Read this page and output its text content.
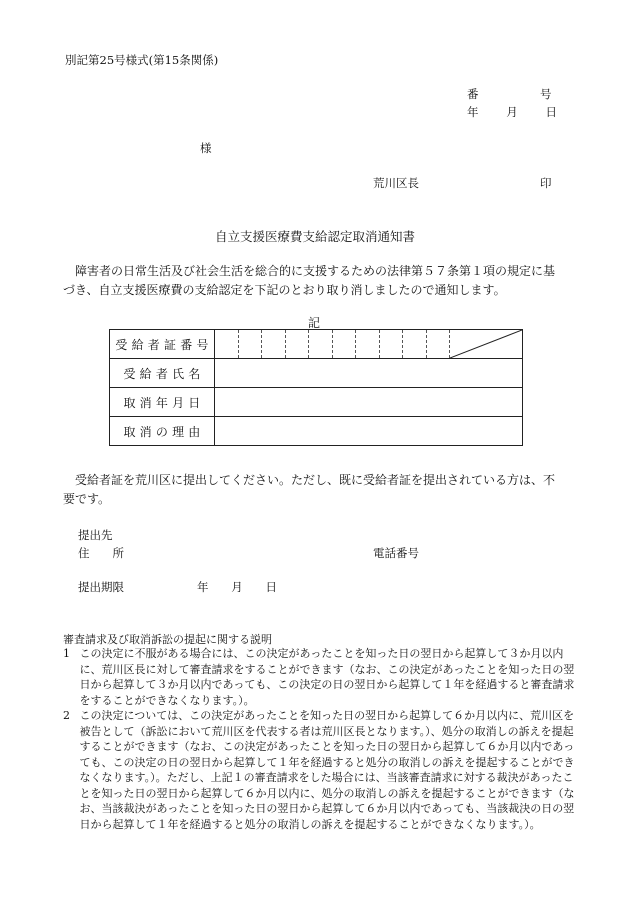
別記第25号様式(第15条関係)
番	号
年 月 日
様
荒川区長	印
自立支援医療費支給認定取消通知書
障害者の日常生活及び社会生活を総合的に支援するための法律第５７条第１項の規定に基づき、自立支援医療費の支給認定を下記のとおり取り消しましたので通知します。
記
受給者証番号	

受給者氏名	
取消年月日	
取消の理由	
受給者証を荒川区に提出してください。ただし、既に受給者証を提出されている方は、不要です。
提出先
住　　所	電話番号
提出期限	年 月 日
審査請求及び取消訴訟の提起に関する説明
1 この決定に不服がある場合には、この決定があったことを知った日の翌日から起算して３か月以内に、荒川区長に対して審査請求をすることができます（なお、この決定があったことを知った日の翌日から起算して３か月以内であっても、この決定の日の翌日から起算して１年を経過すると審査請求をすることができなくなります。）。
2 この決定については、この決定があったことを知った日の翌日から起算して６か月以内に、荒川区を被告として（訴訟において荒川区を代表する者は荒川区長となります。）、処分の取消しの訴えを提起することができます（なお、この決定があったことを知った日の翌日から起算して６か月以内であっても、この決定の日の翌日から起算して１年を経過すると処分の取消しの訴えを提起することができなくなります。）。ただし、上記１の審査請求をした場合には、当該審査請求に対する裁決があったことを知った日の翌日から起算して６か月以内に、処分の取消しの訴えを提起することができます（なお、当該裁決があったことを知った日の翌日から起算して６か月以内であっても、当該裁決の日の翌日から起算して１年を経過すると処分の取消しの訴えを提起することができなくなります。）。
